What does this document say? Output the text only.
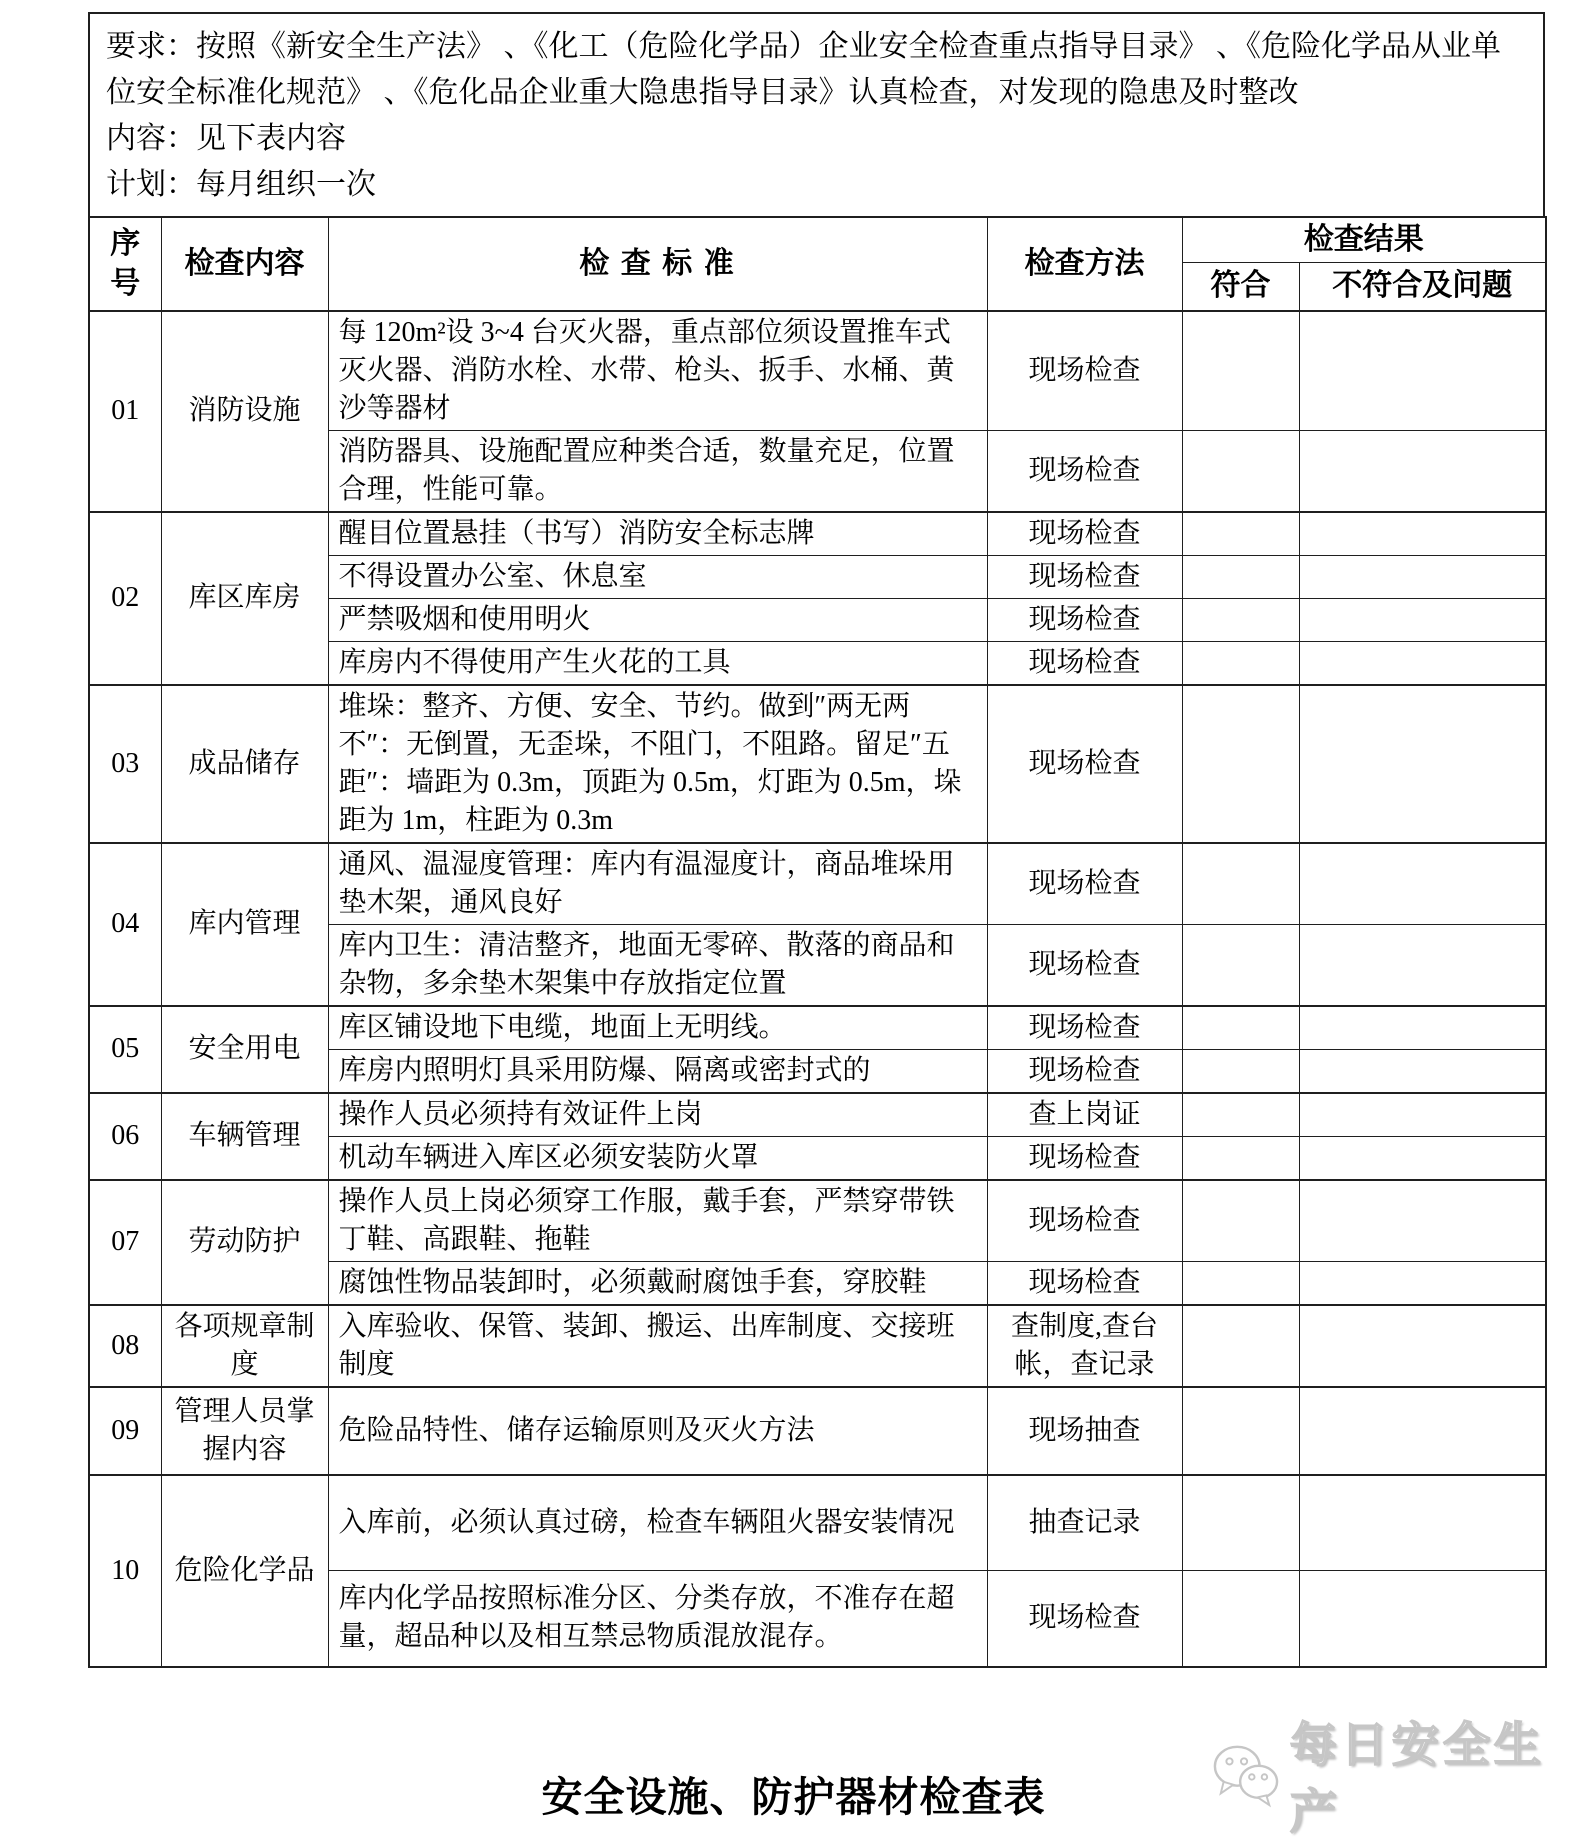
要求：按照《新安全生产法》 、《化工（危险化学品）企业安全检查重点指导目录》 、《危险化学品从业单位安全标准化规范》 、《危化品企业重大隐患指导目录》认真检查，对发现的隐患及时整改

内容：见下表内容

计划：每月组织一次

序号	检查内容	检 查 标 准	检查方法	检查结果	
				符合	不符合及问题
01	消防设施	每 120m²设 3~4 台灭火器，重点部位须设置推车式灭火器、消防水栓、水带、枪头、扳手、水桶、黄沙等器材	现场检查		
		消防器具、设施配置应种类合适，数量充足，位置合理，性能可靠。	现场检查		
02	库区库房	醒目位置悬挂（书写）消防安全标志牌	现场检查		
		不得设置办公室、休息室	现场检查		
		严禁吸烟和使用明火	现场检查		
		库房内不得使用产生火花的工具	现场检查		
03	成品储存	堆垛：整齐、方便、安全、节约。做到″两无两不″：无倒置，无歪垛，不阻门，不阻路。留足″五距″：墙距为 0.3m，顶距为 0.5m，灯距为 0.5m，垛距为 1m，柱距为 0.3m	现场检查		
04	库内管理	通风、温湿度管理：库内有温湿度计，商品堆垛用垫木架，通风良好	现场检查		
		库内卫生：清洁整齐，地面无零碎、散落的商品和杂物，多余垫木架集中存放指定位置	现场检查		
05	安全用电	库区铺设地下电缆，地面上无明线。	现场检查		
		库房内照明灯具采用防爆、隔离或密封式的	现场检查		
06	车辆管理	操作人员必须持有效证件上岗	查上岗证		
		机动车辆进入库区必须安装防火罩	现场检查		
07	劳动防护	操作人员上岗必须穿工作服，戴手套，严禁穿带铁丁鞋、高跟鞋、拖鞋	现场检查		
		腐蚀性物品装卸时，必须戴耐腐蚀手套，穿胶鞋	现场检查		
08	各项规章制度	入库验收、保管、装卸、搬运、出库制度、交接班制度	查制度,查台帐，查记录		
09	管理人员掌握内容	危险品特性、储存运输原则及灭火方法	现场抽查		
10	危险化学品	入库前，必须认真过磅，检查车辆阻火器安装情况	抽查记录		
		库内化学品按照标准分区、分类存放，不准存在超量，超品种以及相互禁忌物质混放混存。	现场检查		
每日安全生产
安全设施、防护器材检查表
